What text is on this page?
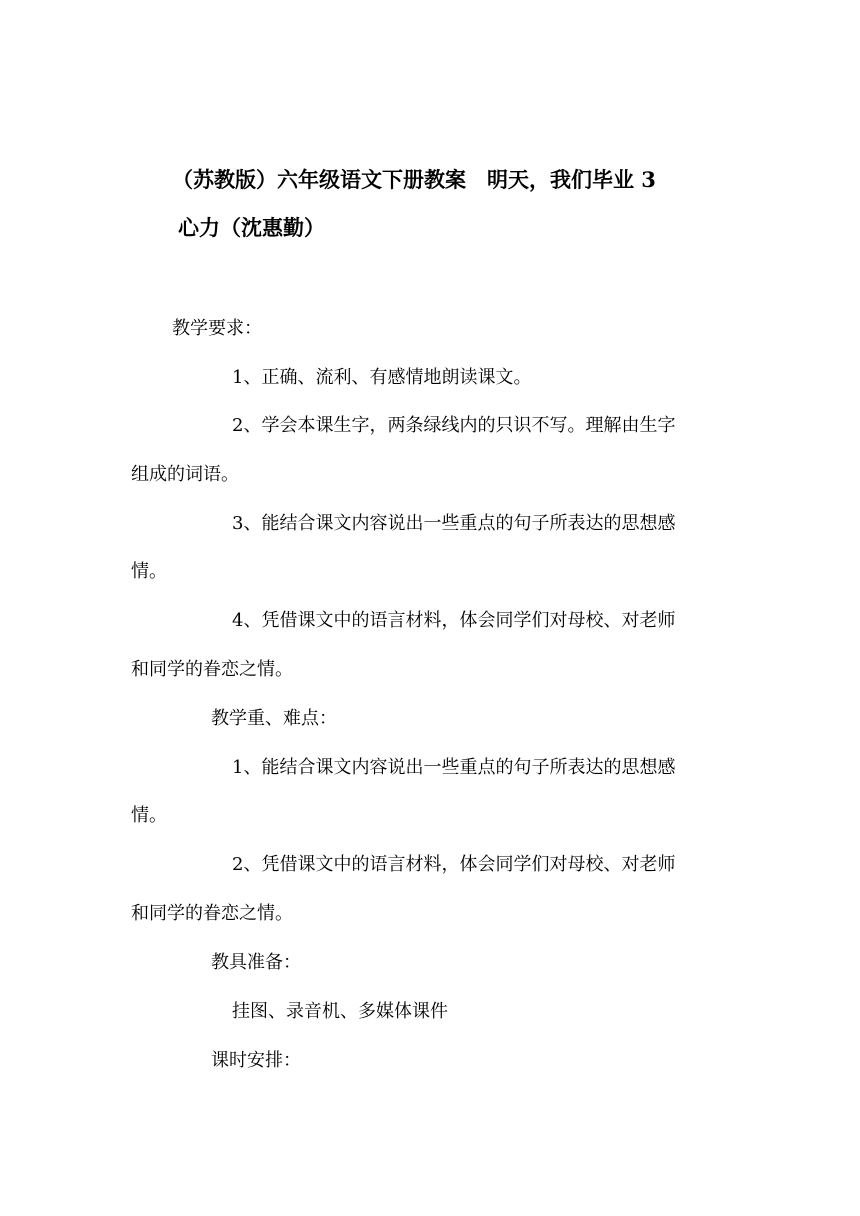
（苏教版）六年级语文下册教案　明天，我们毕业 3
心力（沈惠勤）
教学要求：
1、正确、流利、有感情地朗读课文。
2、学会本课生字，两条绿线内的只识不写。理解由生字
组成的词语。
3、能结合课文内容说出一些重点的句子所表达的思想感
情。
4、凭借课文中的语言材料，体会同学们对母校、对老师
和同学的眷恋之情。
教学重、难点：
1、能结合课文内容说出一些重点的句子所表达的思想感
情。
2、凭借课文中的语言材料，体会同学们对母校、对老师
和同学的眷恋之情。
教具准备：
挂图、录音机、多媒体课件
课时安排：
